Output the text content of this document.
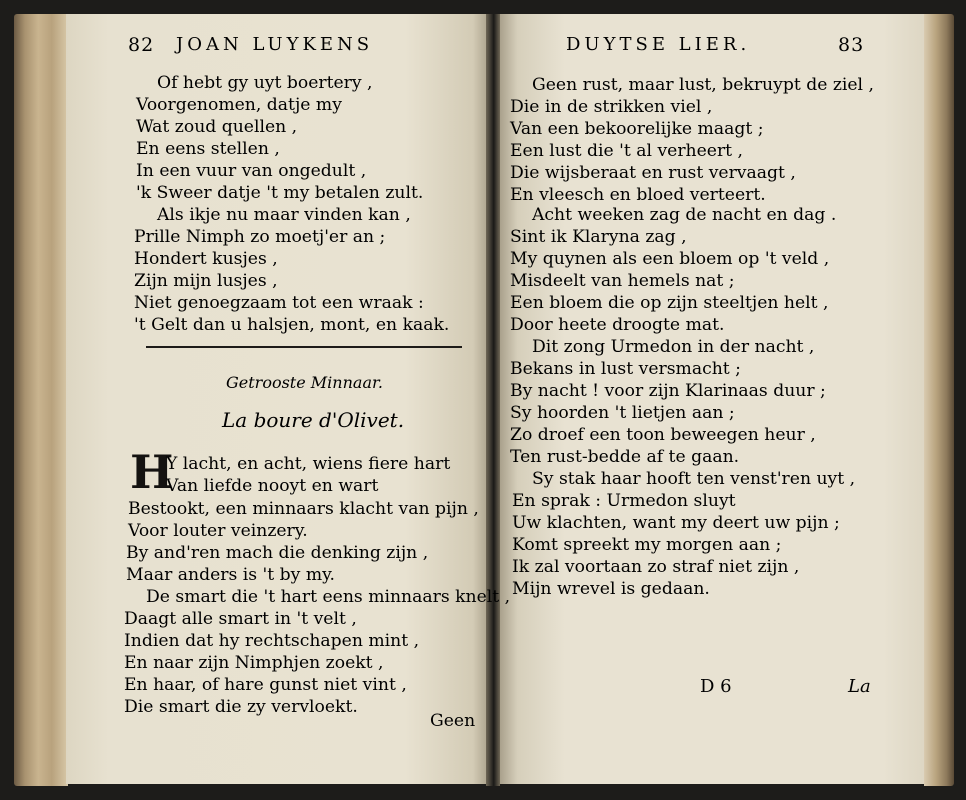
82 JOAN LUYKENS
Of hebt gy uyt boertery ,
Voorgenomen, datje my
Wat zoud quellen ,
En eens stellen ,
In een vuur van ongedult ,
'k Sweer datje 't my betalen zult.
Als ikje nu maar vinden kan ,
Prille Nimph zo moetj'er an ;
Hondert kusjes ,
Zijn mijn lusjes ,
Niet genoegzaam tot een wraak :
't Gelt dan u halsjen, mont, en kaak.
Getrooste Minnaar.
La boure d'Olivet.
H
Y lacht, en acht, wiens fiere hart
Van liefde nooyt en wart
Bestookt, een minnaars klacht van pijn ,
Voor louter veinzery.
By and'ren mach die denking zijn ,
Maar anders is 't by my.
De smart die 't hart eens minnaars knelt ,
Daagt alle smart in 't velt ,
Indien dat hy rechtschapen mint ,
En naar zijn Nimphjen zoekt ,
En haar, of hare gunst niet vint ,
Die smart die zy vervloekt.
Geen
DUYTSE LIER.	83
Geen rust, maar lust, bekruypt de ziel ,
Die in de strikken viel ,
Van een bekoorelijke maagt ;
Een lust die 't al verheert ,
Die wijsberaat en rust vervaagt ,
En vleesch en bloed verteert.
Acht weeken zag de nacht en dag .
Sint ik Klaryna zag ,
My quynen als een bloem op 't veld ,
Misdeelt van hemels nat ;
Een bloem die op zijn steeltjen helt ,
Door heete droogte mat.
Dit zong Urmedon in der nacht ,
Bekans in lust versmacht ;
By nacht ! voor zijn Klarinaas duur ;
Sy hoorden 't lietjen aan ;
Zo droef een toon beweegen heur ,
Ten rust-bedde af te gaan.
Sy stak haar hooft ten venst'ren uyt ,
En sprak : Urmedon sluyt
Uw klachten, want my deert uw pijn ;
Komt spreekt my morgen aan ;
Ik zal voortaan zo straf niet zijn ,
Mijn wrevel is gedaan.
D 6	La
